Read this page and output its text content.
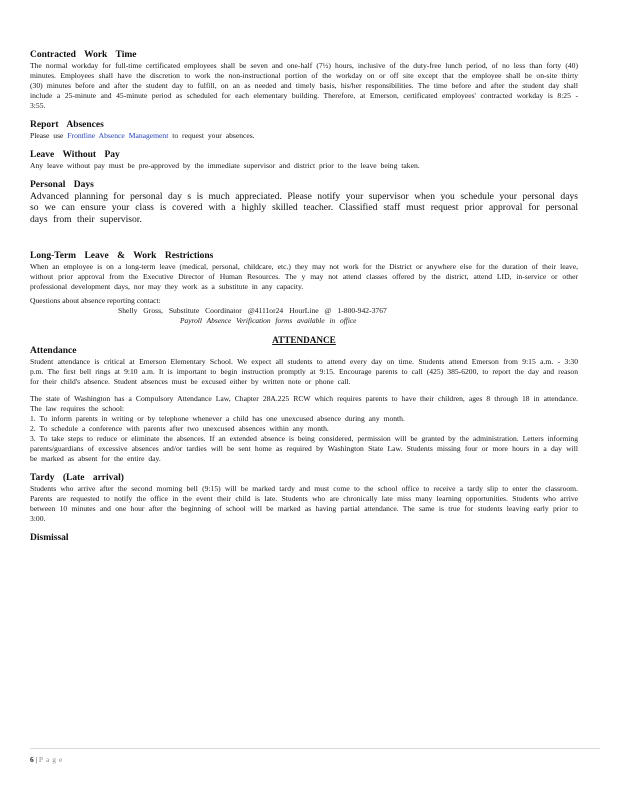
Contracted Work Time

The normal workday for full-time certificated employees shall be seven and one-half (7½) hours, inclusive of the duty-free lunch period, of no less than forty (40) minutes. Employees shall have the discretion to work the non-instructional portion of the workday on or off site except that the employee shall be on-site thirty (30) minutes before and after the student day to fulfill, on an as needed and timely basis, his/her responsibilities. The time before and after the student day shall include a 25-minute and 45-minute period as scheduled for each elementary building. Therefore, at Emerson, certificated employees' contracted workday is 8:25 - 3:55.

Report Absences

Please use Frontline Absence Management to request your absences.

Leave Without Pay

Any leave without pay must be pre-approved by the immediate supervisor and district prior to the leave being taken.

Personal Days

Advanced planning for personal day s is much appreciated. Please notify your supervisor when you schedule your personal days so we can ensure your class is covered with a highly skilled teacher. Classified staff must request prior approval for personal days from their supervisor.

Long-Term Leave & Work Restrictions

When an employee is on a long-term leave (medical, personal, childcare, etc.) they may not work for the District or anywhere else for the duration of their leave, without prior approval from the Executive Director of Human Resources. The y may not attend classes offered by the district, attend LID, in-service or other professional development days, nor may they work as a substitute in any capacity.

Questions about absence reporting contact:

Shelly Gross, Substitute Coordinator @4111or24 HourLine @ 1-800-942-3767

Payroll Absence Verification forms available in office

ATTENDANCE

Attendance

Student attendance is critical at Emerson Elementary School. We expect all students to attend every day on time. Students attend Emerson from 9:15 a.m. - 3:30 p.m. The first bell rings at 9:10 a.m. It is important to begin instruction promptly at 9:15. Encourage parents to call (425) 385-6200, to report the day and reason for their child's absence. Student absences must be excused either by written note or phone call.

The state of Washington has a Compulsory Attendance Law, Chapter 28A.225 RCW which requires parents to have their children, ages 8 through 18 in attendance. The law requires the school:

1. To inform parents in writing or by telephone whenever a child has one unexcused absence during any month.

2. To schedule a conference with parents after two unexcused absences within any month.

3. To take steps to reduce or eliminate the absences. If an extended absence is being considered, permission will be granted by the administration. Letters informing parents/guardians of excessive absences and/or tardies will be sent home as required by Washington State Law. Students missing four or more hours in a day will be marked as absent for the entire day.

Tardy (Late arrival)

Students who arrive after the second morning bell (9:15) will be marked tardy and must come to the school office to receive a tardy slip to enter the classroom. Parents are requested to notify the office in the event their child is late. Students who are chronically late miss many learning opportunities. Students who arrive between 10 minutes and one hour after the beginning of school will be marked as having partial attendance. The same is true for students leaving early prior to 3:00.

Dismissal

6 | Page
